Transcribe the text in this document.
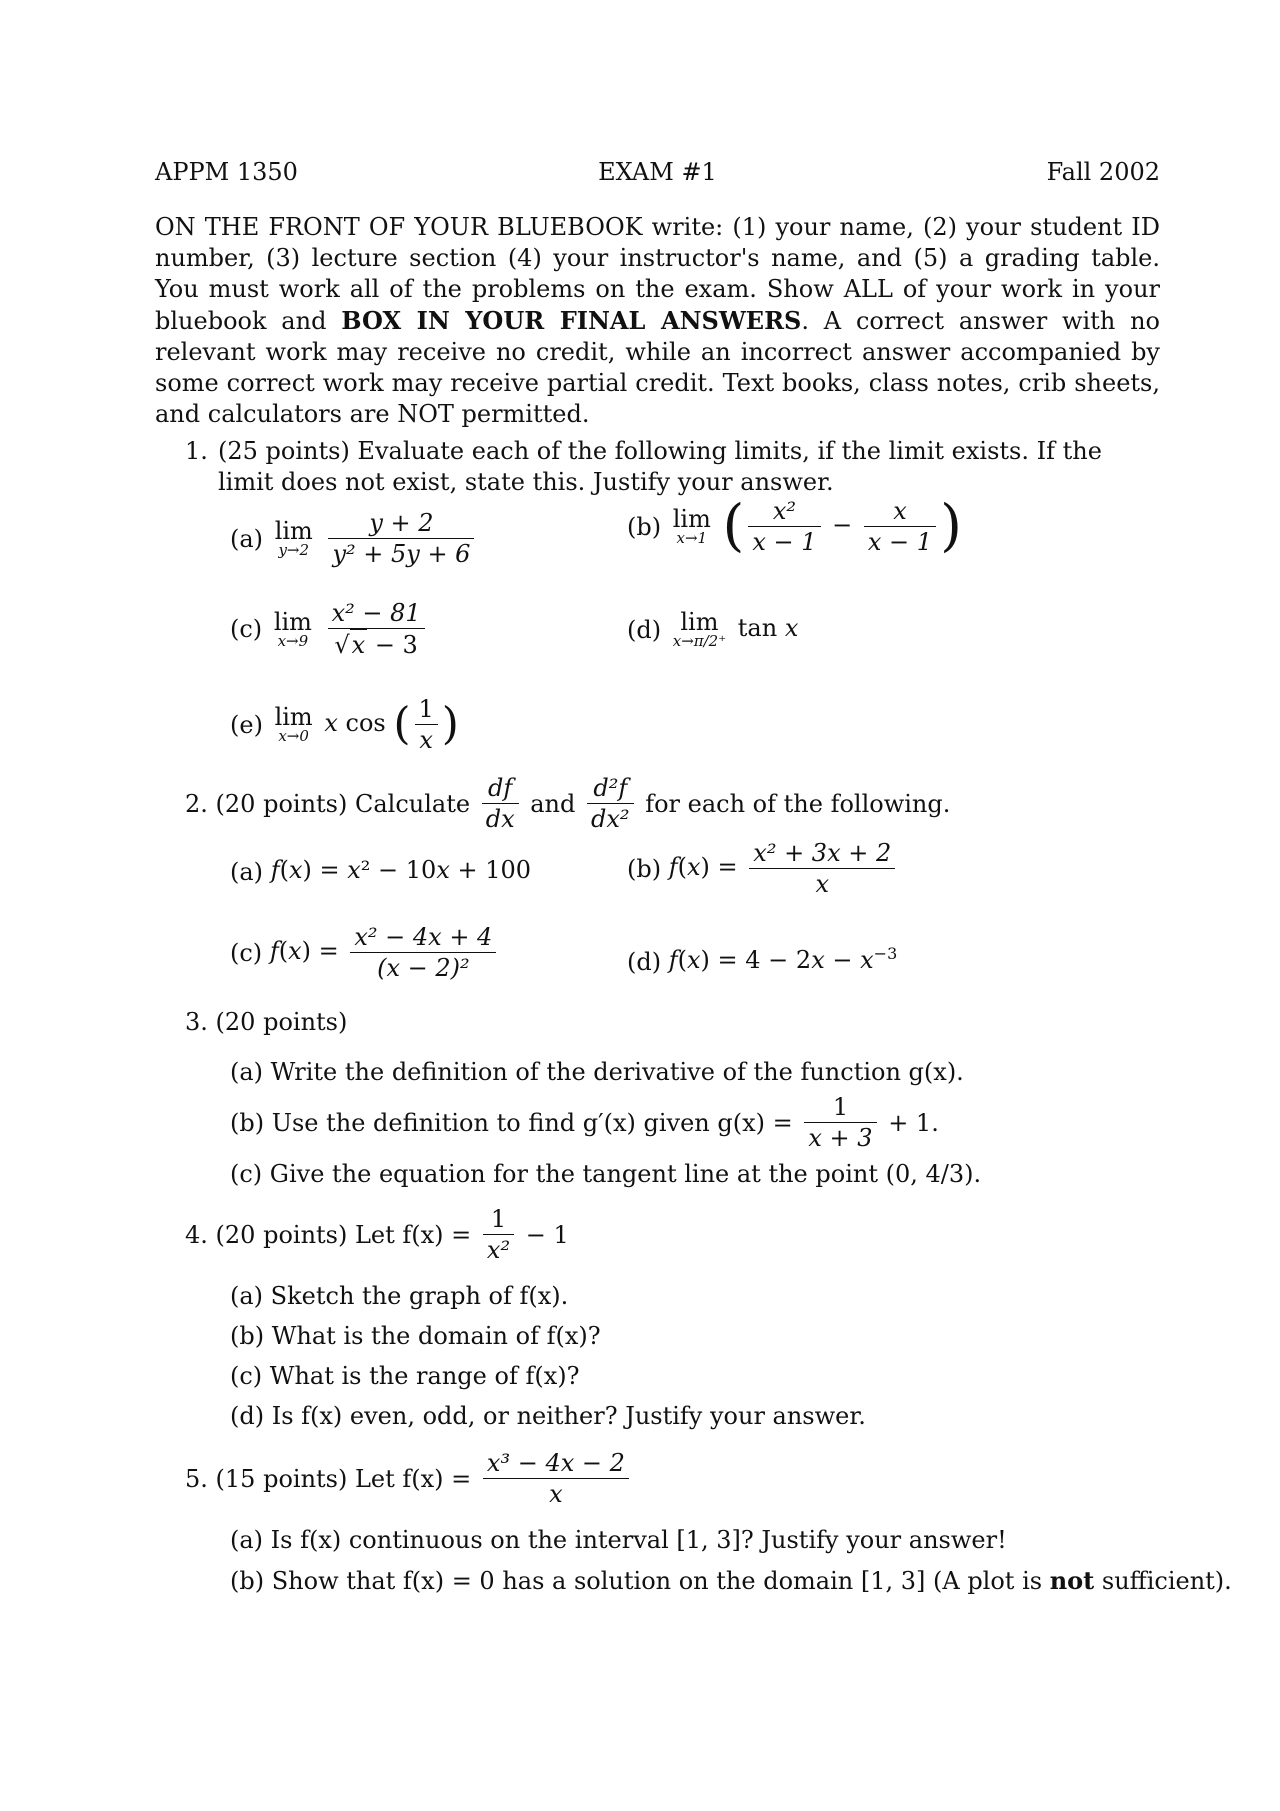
EXAM #1
APPM 1350	Fall 2002

ON THE FRONT OF YOUR BLUEBOOK write: (1) your name, (2) your student ID number, (3) lecture section (4) your instructor's name, and (5) a grading table. You must work all of the problems on the exam. Show ALL of your work in your bluebook and BOX IN YOUR FINAL ANSWERS. A correct answer with no relevant work may receive no credit, while an incorrect answer accompanied by some correct work may receive partial credit. Text books, class notes, crib sheets, and calculators are NOT permitted.

1. (25 points) Evaluate each of the following limits, if the limit exists. If the limit does not exist, state this. Justify your answer.
(a) lim
y→2
$\frac{y + 2}{\text{y² + 5y + 6}}$	(b) lim
x→1 ( $\frac{\text{x²}}{x - 1} - \frac{x}{x - 1}$ )
(c) lim
x→9
$\frac{\text{x² − 81}}{√x - 3}$	(d) lim
x→π/2⁺ tan x
(e) lim
x→0 x cos ( $\frac{1}{x}$ )
2. (20 points) Calculate $\frac{df}{dx}$ and $\frac{\text{d²f}}{\text{dx²}}$ for each of the following.
(a) f(x) = x² − 10x + 100	(b) $f(x) = \frac{\text{x² + 3x + 2}}{x}$
(c) $f(x) = \frac{\text{x² − 4x + 4}}{\text{(x − 2)²}}$	(d) $f(x) = 4 - 2x - x^{-3}$
3. (20 points)
(a) Write the definition of the derivative of the function g(x).
(b) Use the definition to find g′(x) given $g(x) = \frac{1}{x + 3} + 1$.
(c) Give the equation for the tangent line at the point (0, 4/3).
4. (20 points) Let $f(x) = \frac{1}{\text{x²}} - 1$
(a) Sketch the graph of f(x).
(b) What is the domain of f(x)?
(c) What is the range of f(x)?
(d) Is f(x) even, odd, or neither? Justify your answer.
5. (15 points) Let $f(x) = \frac{\text{x³ − 4x − 2}}{x}$
(a) Is f(x) continuous on the interval [1, 3]? Justify your answer!
(b) Show that f(x) = 0 has a solution on the domain [1, 3] (A plot is not sufficient).
